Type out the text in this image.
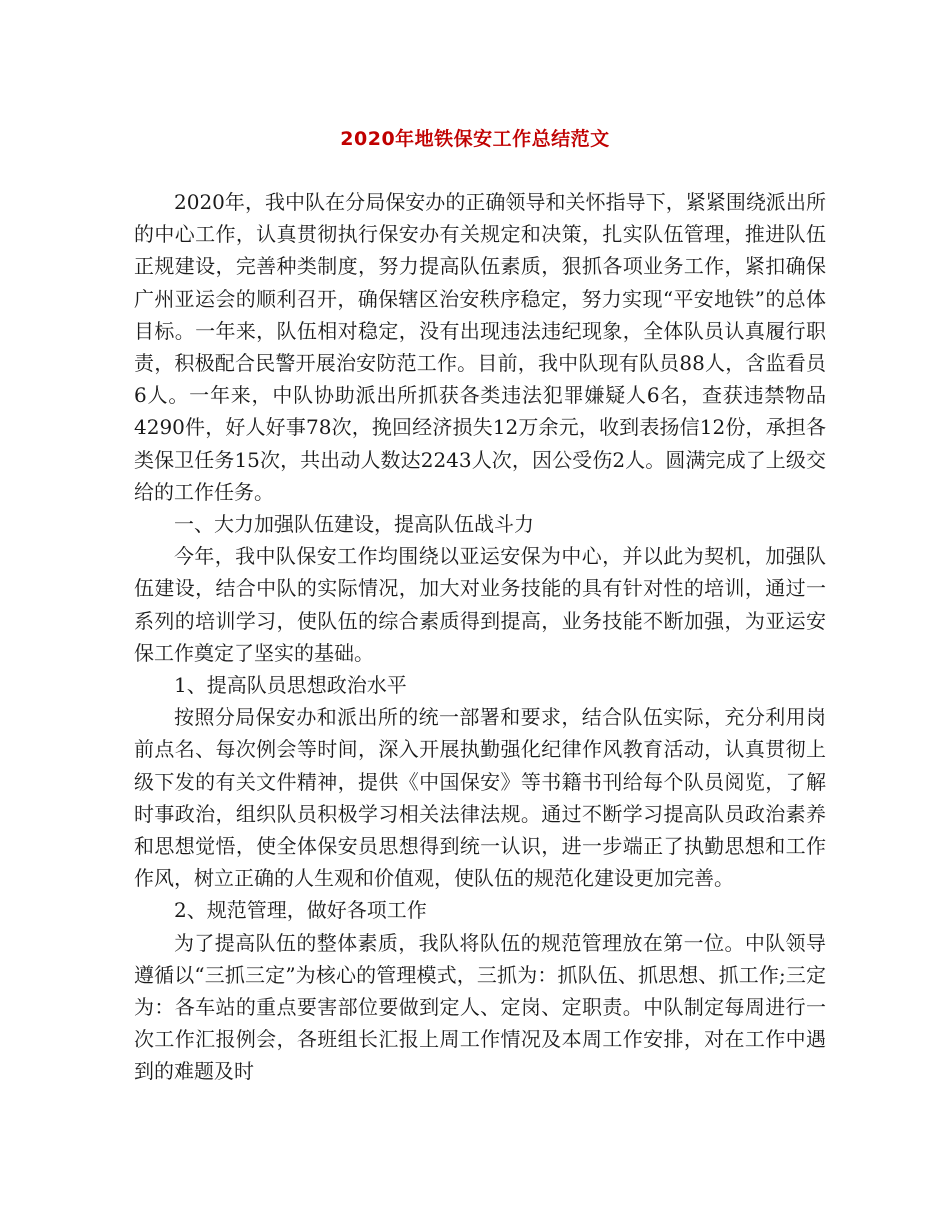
2020年地铁保安工作总结范文

2020年，我中队在分局保安办的正确领导和关怀指导下，紧紧围绕派出所的中心工作，认真贯彻执行保安办有关规定和决策，扎实队伍管理，推进队伍正规建设，完善种类制度，努力提高队伍素质，狠抓各项业务工作，紧扣确保广州亚运会的顺利召开，确保辖区治安秩序稳定，努力实现“平安地铁”的总体目标。一年来，队伍相对稳定，没有出现违法违纪现象，全体队员认真履行职责，积极配合民警开展治安防范工作。目前，我中队现有队员88人，含监看员6人。一年来，中队协助派出所抓获各类违法犯罪嫌疑人6名，查获违禁物品4290件，好人好事78次，挽回经济损失12万余元，收到表扬信12份，承担各类保卫任务15次，共出动人数达2243人次，因公受伤2人。圆满完成了上级交给的工作任务。

一、大力加强队伍建设，提高队伍战斗力

今年，我中队保安工作均围绕以亚运安保为中心，并以此为契机，加强队伍建设，结合中队的实际情况，加大对业务技能的具有针对性的培训，通过一系列的培训学习，使队伍的综合素质得到提高，业务技能不断加强，为亚运安保工作奠定了坚实的基础。

1、提高队员思想政治水平

按照分局保安办和派出所的统一部署和要求，结合队伍实际，充分利用岗前点名、每次例会等时间，深入开展执勤强化纪律作风教育活动，认真贯彻上级下发的有关文件精神，提供《中国保安》等书籍书刊给每个队员阅览，了解时事政治，组织队员积极学习相关法律法规。通过不断学习提高队员政治素养和思想觉悟，使全体保安员思想得到统一认识，进一步端正了执勤思想和工作作风，树立正确的人生观和价值观，使队伍的规范化建设更加完善。

2、规范管理，做好各项工作

为了提高队伍的整体素质，我队将队伍的规范管理放在第一位。中队领导遵循以“三抓三定”为核心的管理模式，三抓为：抓队伍、抓思想、抓工作;三定为：各车站的重点要害部位要做到定人、定岗、定职责。中队制定每周进行一次工作汇报例会，各班组长汇报上周工作情况及本周工作安排，对在工作中遇到的难题及时
